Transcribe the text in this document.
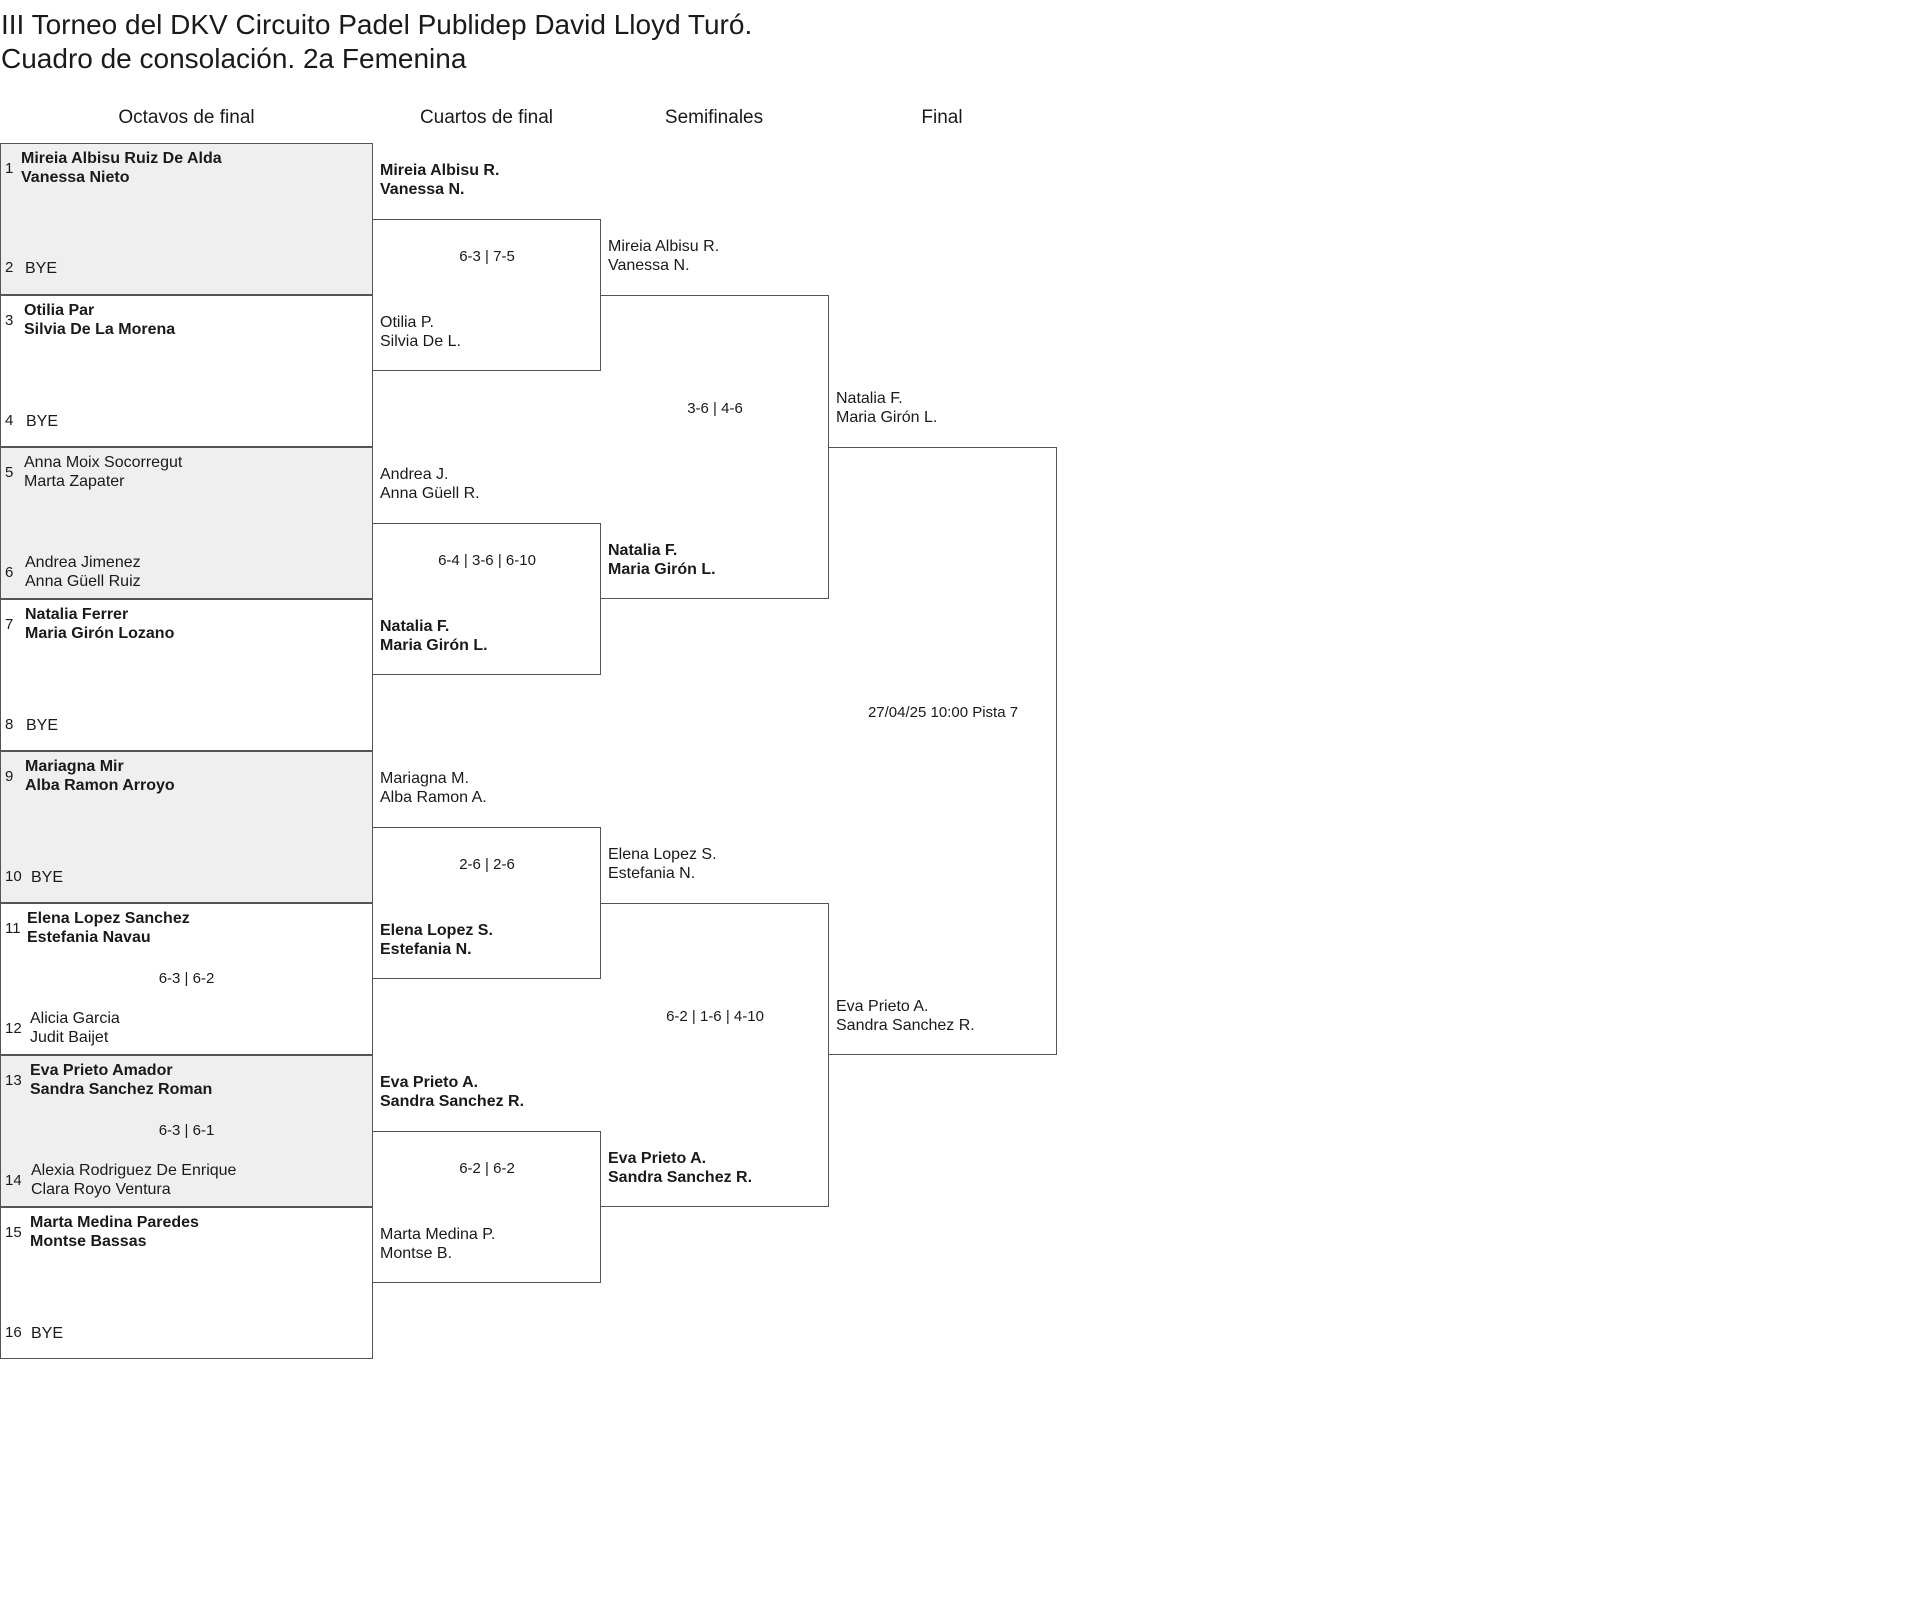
III Torneo del DKV Circuito Padel Publidep David Lloyd Turó.
Cuadro de consolación. 2a Femenina
Octavos de final	Cuartos de final	Semifinales	Final
1
Mireia Albisu Ruiz De Alda
Vanessa Nieto
2 BYE
3
Otilia Par
Silvia De La Morena
4 BYE
5
Anna Moix Socorregut
Marta Zapater
6
Andrea Jimenez
Anna Güell Ruiz
7
Natalia Ferrer
Maria Girón Lozano
8 BYE
9
Mariagna Mir
Alba Ramon Arroyo
10 BYE
11
Elena Lopez Sanchez
Estefania Navau
6-3 | 6-2
12
Alicia Garcia
Judit Baijet
13
Eva Prieto Amador
Sandra Sanchez Roman
6-3 | 6-1
14
Alexia Rodriguez De Enrique
Clara Royo Ventura
15
Marta Medina Paredes
Montse Bassas
16 BYE
Mireia Albisu R.
Vanessa N.
6-3 | 7-5
Otilia P.
Silvia De L.
Andrea J.
Anna Güell R.
6-4 | 3-6 | 6-10
Natalia F.
Maria Girón L.
Mariagna M.
Alba Ramon A.
2-6 | 2-6
Elena Lopez S.
Estefania N.
Eva Prieto A.
Sandra Sanchez R.
6-2 | 6-2
Marta Medina P.
Montse B.
Mireia Albisu R.
Vanessa N.
3-6 | 4-6
Natalia F.
Maria Girón L.
Elena Lopez S.
Estefania N.
6-2 | 1-6 | 4-10
Eva Prieto A.
Sandra Sanchez R.
Natalia F.
Maria Girón L.
27/04/25 10:00 Pista 7
Eva Prieto A.
Sandra Sanchez R.
